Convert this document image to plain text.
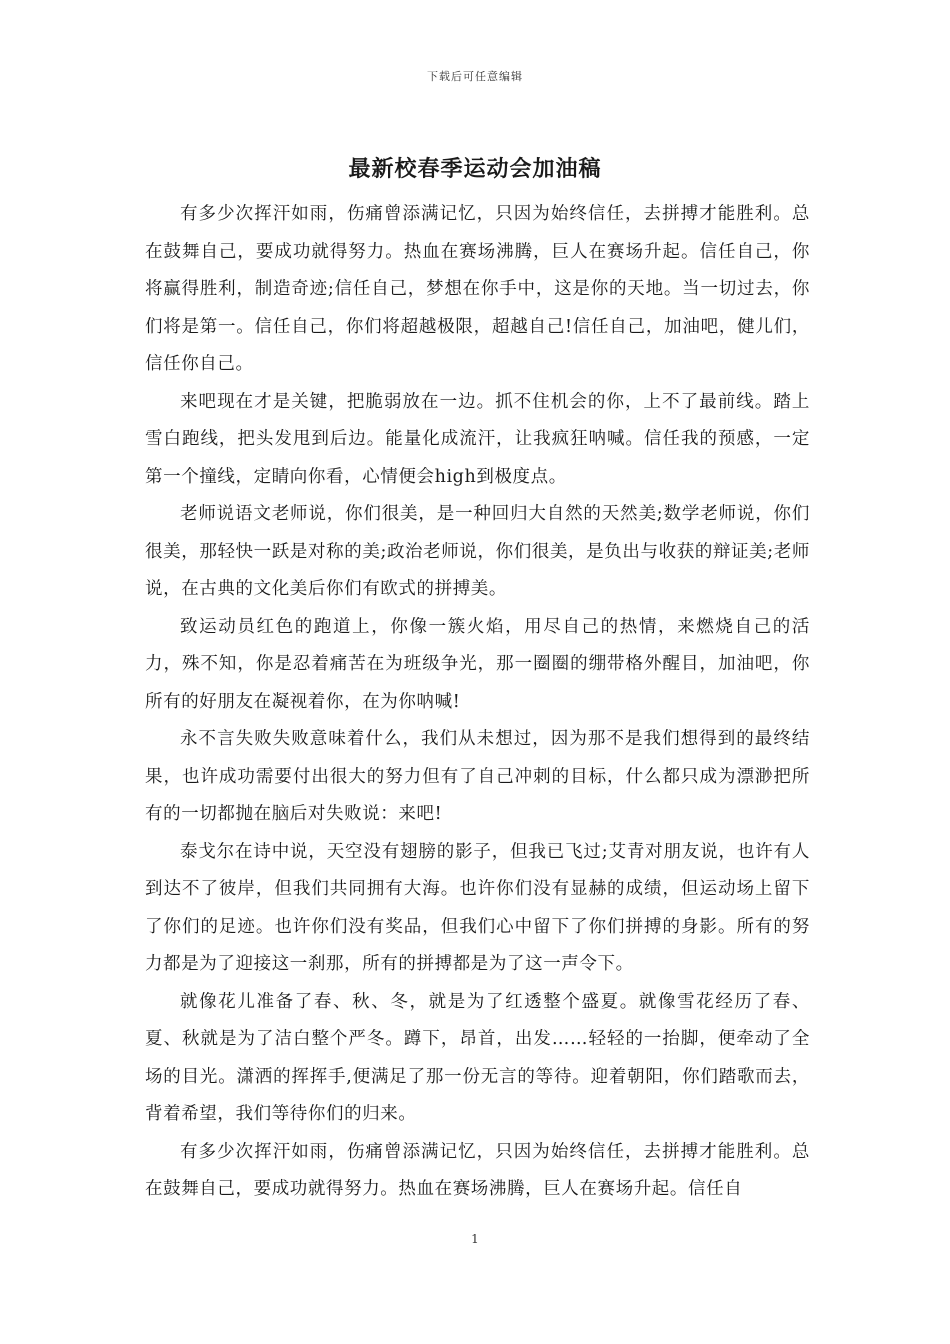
下载后可任意编辑
最新校春季运动会加油稿

有多少次挥汗如雨，伤痛曾添满记忆，只因为始终信任，去拼搏才能胜利。总在鼓舞自己，要成功就得努力。热血在赛场沸腾，巨人在赛场升起。信任自己，你将赢得胜利，制造奇迹;信任自己，梦想在你手中，这是你的天地。当一切过去，你们将是第一。信任自己，你们将超越极限，超越自己!信任自己，加油吧，健儿们，信任你自己。

来吧现在才是关键，把脆弱放在一边。抓不住机会的你，上不了最前线。踏上雪白跑线，把头发甩到后边。能量化成流汗，让我疯狂呐喊。信任我的预感，一定第一个撞线，定睛向你看，心情便会high到极度点。

老师说语文老师说，你们很美，是一种回归大自然的天然美;数学老师说，你们很美，那轻快一跃是对称的美;政治老师说，你们很美，是负出与收获的辩证美;老师说，在古典的文化美后你们有欧式的拼搏美。

致运动员红色的跑道上，你像一簇火焰，用尽自己的热情，来燃烧自己的活力，殊不知，你是忍着痛苦在为班级争光，那一圈圈的绷带格外醒目，加油吧，你所有的好朋友在凝视着你，在为你呐喊!

永不言失败失败意味着什么，我们从未想过，因为那不是我们想得到的最终结果，也许成功需要付出很大的努力但有了自己冲刺的目标，什么都只成为漂渺把所有的一切都抛在脑后对失败说：来吧!

泰戈尔在诗中说，天空没有翅膀的影子，但我已飞过;艾青对朋友说，也许有人到达不了彼岸，但我们共同拥有大海。也许你们没有显赫的成绩，但运动场上留下了你们的足迹。也许你们没有奖品，但我们心中留下了你们拼搏的身影。所有的努力都是为了迎接这一刹那，所有的拼搏都是为了这一声令下。

就像花儿准备了春、秋、冬，就是为了红透整个盛夏。就像雪花经历了春、夏、秋就是为了洁白整个严冬。蹲下，昂首，出发……轻轻的一抬脚，便牵动了全场的目光。潇洒的挥挥手,便满足了那一份无言的等待。迎着朝阳，你们踏歌而去，背着希望，我们等待你们的归来。

有多少次挥汗如雨，伤痛曾添满记忆，只因为始终信任，去拼搏才能胜利。总在鼓舞自己，要成功就得努力。热血在赛场沸腾，巨人在赛场升起。信任自

1
